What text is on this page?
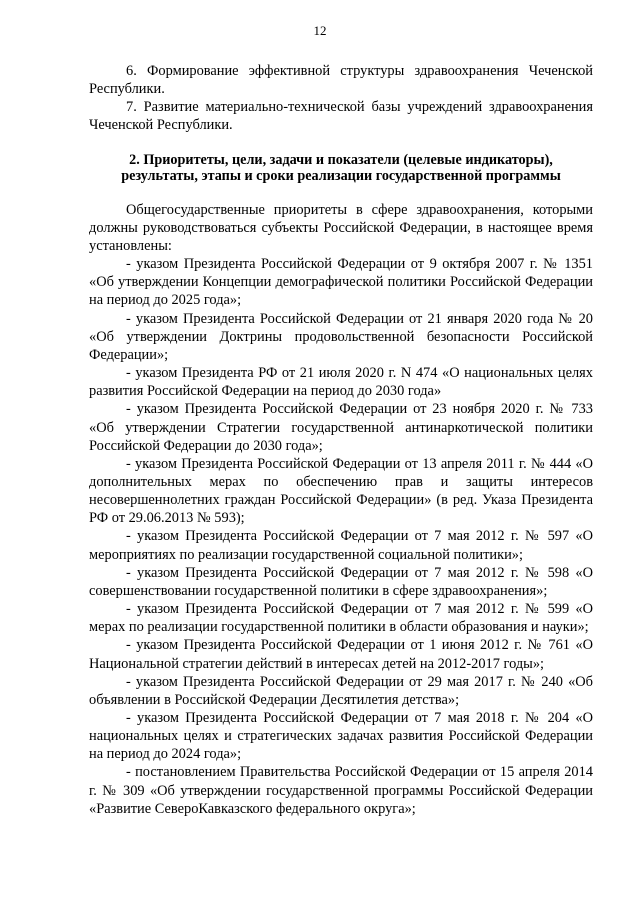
12

6. Формирование эффективной структуры здравоохранения Чеченской Республики.

7. Развитие материально-технической базы учреждений здравоохранения Чеченской Республики.

2. Приоритеты, цели, задачи и показатели (целевые индикаторы),
результаты, этапы и сроки реализации государственной программы

Общегосударственные приоритеты в сфере здравоохранения, которыми должны руководствоваться субъекты Российской Федерации, в настоящее время установлены:

- указом Президента Российской Федерации от 9 октября 2007 г. № 1351 «Об утверждении Концепции демографической политики Российской Федерации на период до 2025 года»;

- указом Президента Российской Федерации от 21 января 2020 года № 20 «Об утверждении Доктрины продовольственной безопасности Российской Федерации»;

- указом Президента РФ от 21 июля 2020 г. N 474 «О национальных целях развития Российской Федерации на период до 2030 года»

- указом Президента Российской Федерации от 23 ноября 2020 г. № 733 «Об утверждении Стратегии государственной антинаркотической политики Российской Федерации до 2030 года»;

- указом Президента Российской Федерации от 13 апреля 2011 г. № 444 «О дополнительных мерах по обеспечению прав и защиты интересов несовершеннолетних граждан Российской Федерации» (в ред. Указа Президента РФ от 29.06.2013 № 593);

- указом Президента Российской Федерации от 7 мая 2012 г. № 597 «О мероприятиях по реализации государственной социальной политики»;

- указом Президента Российской Федерации от 7 мая 2012 г. № 598 «О совершенствовании государственной политики в сфере здравоохранения»;

- указом Президента Российской Федерации от 7 мая 2012 г. № 599 «О мерах по реализации государственной политики в области образования и науки»;

- указом Президента Российской Федерации от 1 июня 2012 г. № 761 «О Национальной стратегии действий в интересах детей на 2012-2017 годы»;

- указом Президента Российской Федерации от 29 мая 2017 г. № 240 «Об объявлении в Российской Федерации Десятилетия детства»;

- указом Президента Российской Федерации от 7 мая 2018 г. № 204 «О национальных целях и стратегических задачах развития Российской Федерации на период до 2024 года»;

- постановлением Правительства Российской Федерации от 15 апреля 2014 г. № 309 «Об утверждении государственной программы Российской Федерации «Развитие СевероКавказского федерального округа»;
